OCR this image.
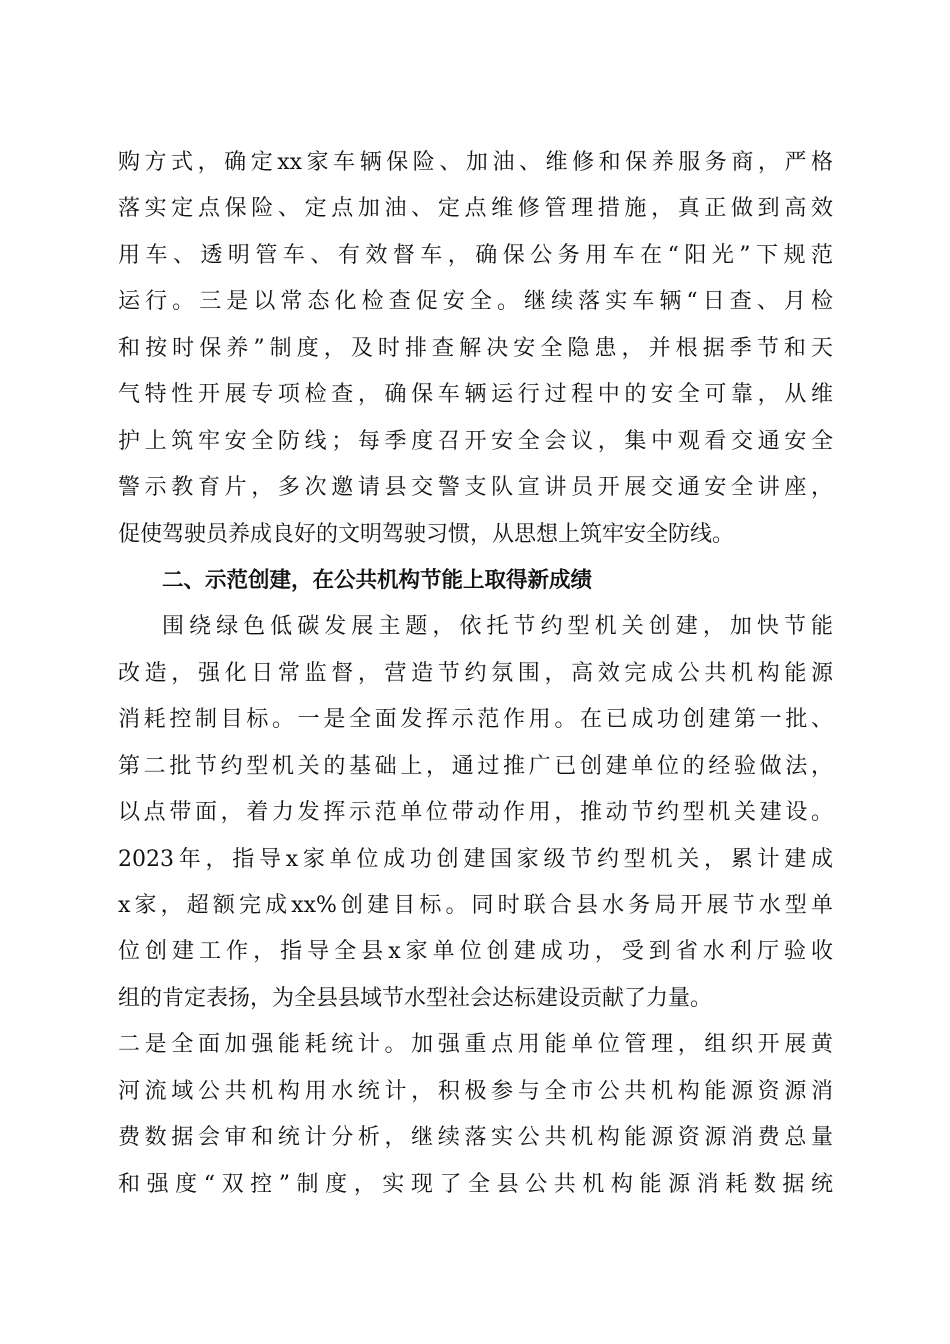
购方式，确定xx家车辆保险、加油、维修和保养服务商，严格
落实定点保险、定点加油、定点维修管理措施，真正做到高效
用车、透明管车、有效督车，确保公务用车在“阳光”下规范
运行。三是以常态化检查促安全。继续落实车辆“日查、月检
和按时保养”制度，及时排查解决安全隐患，并根据季节和天
气特性开展专项检查，确保车辆运行过程中的安全可靠，从维
护上筑牢安全防线；每季度召开安全会议，集中观看交通安全
警示教育片，多次邀请县交警支队宣讲员开展交通安全讲座，
促使驾驶员养成良好的文明驾驶习惯，从思想上筑牢安全防线。
二、示范创建，在公共机构节能上取得新成绩
围绕绿色低碳发展主题，依托节约型机关创建，加快节能
改造，强化日常监督，营造节约氛围，高效完成公共机构能源
消耗控制目标。一是全面发挥示范作用。在已成功创建第一批、
第二批节约型机关的基础上，通过推广已创建单位的经验做法，
以点带面，着力发挥示范单位带动作用，推动节约型机关建设。
2023年，指导x家单位成功创建国家级节约型机关，累计建成
x家，超额完成xx%创建目标。同时联合县水务局开展节水型单
位创建工作，指导全县x家单位创建成功，受到省水利厅验收
组的肯定表扬，为全县县域节水型社会达标建设贡献了力量。
二是全面加强能耗统计。加强重点用能单位管理，组织开展黄
河流域公共机构用水统计，积极参与全市公共机构能源资源消
费数据会审和统计分析，继续落实公共机构能源资源消费总量
和强度“双控”制度，实现了全县公共机构能源消耗数据统
